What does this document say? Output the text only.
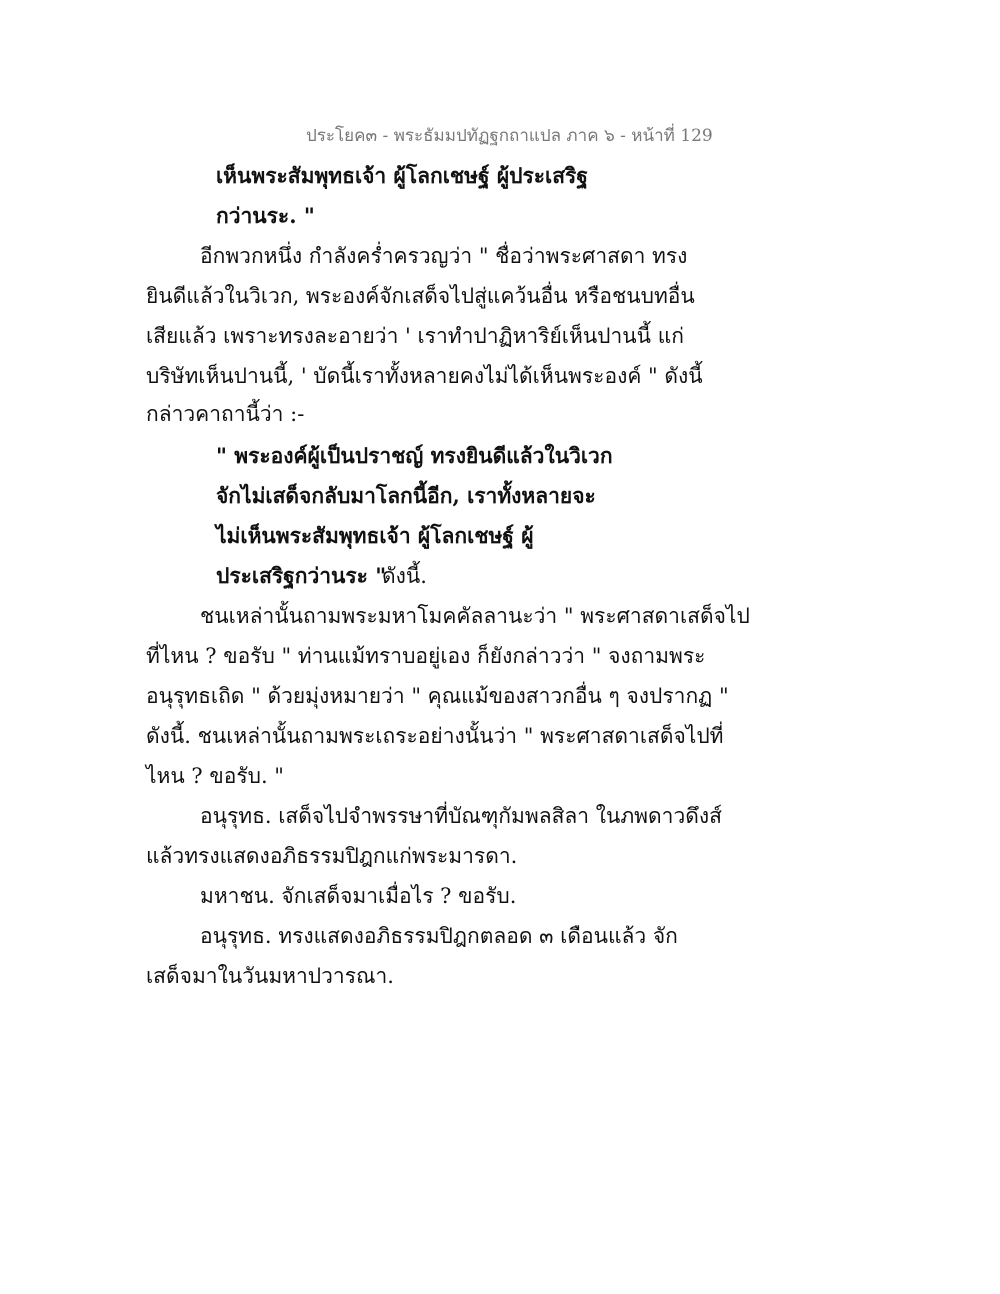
ประโยค๓ - พระธัมมปทัฏฐกถาแปล ภาค ๖ - หน้าที่ 129
เห็นพระสัมพุทธเจ้า ผู้โลกเชษฐ์ ผู้ประเสริฐ
กว่านระ. "
อีกพวกหนึ่ง กำลังคร่ำครวญว่า " ชื่อว่าพระศาสดา ทรง
ยินดีแล้วในวิเวก, พระองค์จักเสด็จไปสู่แคว้นอื่น หรือชนบทอื่น
เสียแล้ว เพราะทรงละอายว่า ' เราทำปาฏิหาริย์เห็นปานนี้ แก่
บริษัทเห็นปานนี้, ' บัดนี้เราทั้งหลายคงไม่ได้เห็นพระองค์ " ดังนี้
กล่าวคาถานี้ว่า :-
" พระองค์ผู้เป็นปราชญ์ ทรงยินดีแล้วในวิเวก
จักไม่เสด็จกลับมาโลกนี้อีก, เราทั้งหลายจะ
ไม่เห็นพระสัมพุทธเจ้า ผู้โลกเชษฐ์ ผู้
ประเสริฐกว่านระ "
ดังนี้.
ชนเหล่านั้นถามพระมหาโมคคัลลานะว่า " พระศาสดาเสด็จไป
ที่ไหน ? ขอรับ " ท่านแม้ทราบอยู่เอง ก็ยังกล่าวว่า " จงถามพระ
อนุรุทธเถิด " ด้วยมุ่งหมายว่า " คุณแม้ของสาวกอื่น ๆ จงปรากฏ "
ดังนี้. ชนเหล่านั้นถามพระเถระอย่างนั้นว่า " พระศาสดาเสด็จไปที่
ไหน ? ขอรับ. "
อนุรุทธ. เสด็จไปจำพรรษาที่บัณฑุกัมพลสิลา ในภพดาวดึงส์
แล้วทรงแสดงอภิธรรมปิฎกแก่พระมารดา.
มหาชน. จักเสด็จมาเมื่อไร ? ขอรับ.
อนุรุทธ. ทรงแสดงอภิธรรมปิฎกตลอด ๓ เดือนแล้ว จัก
เสด็จมาในวันมหาปวารณา.
